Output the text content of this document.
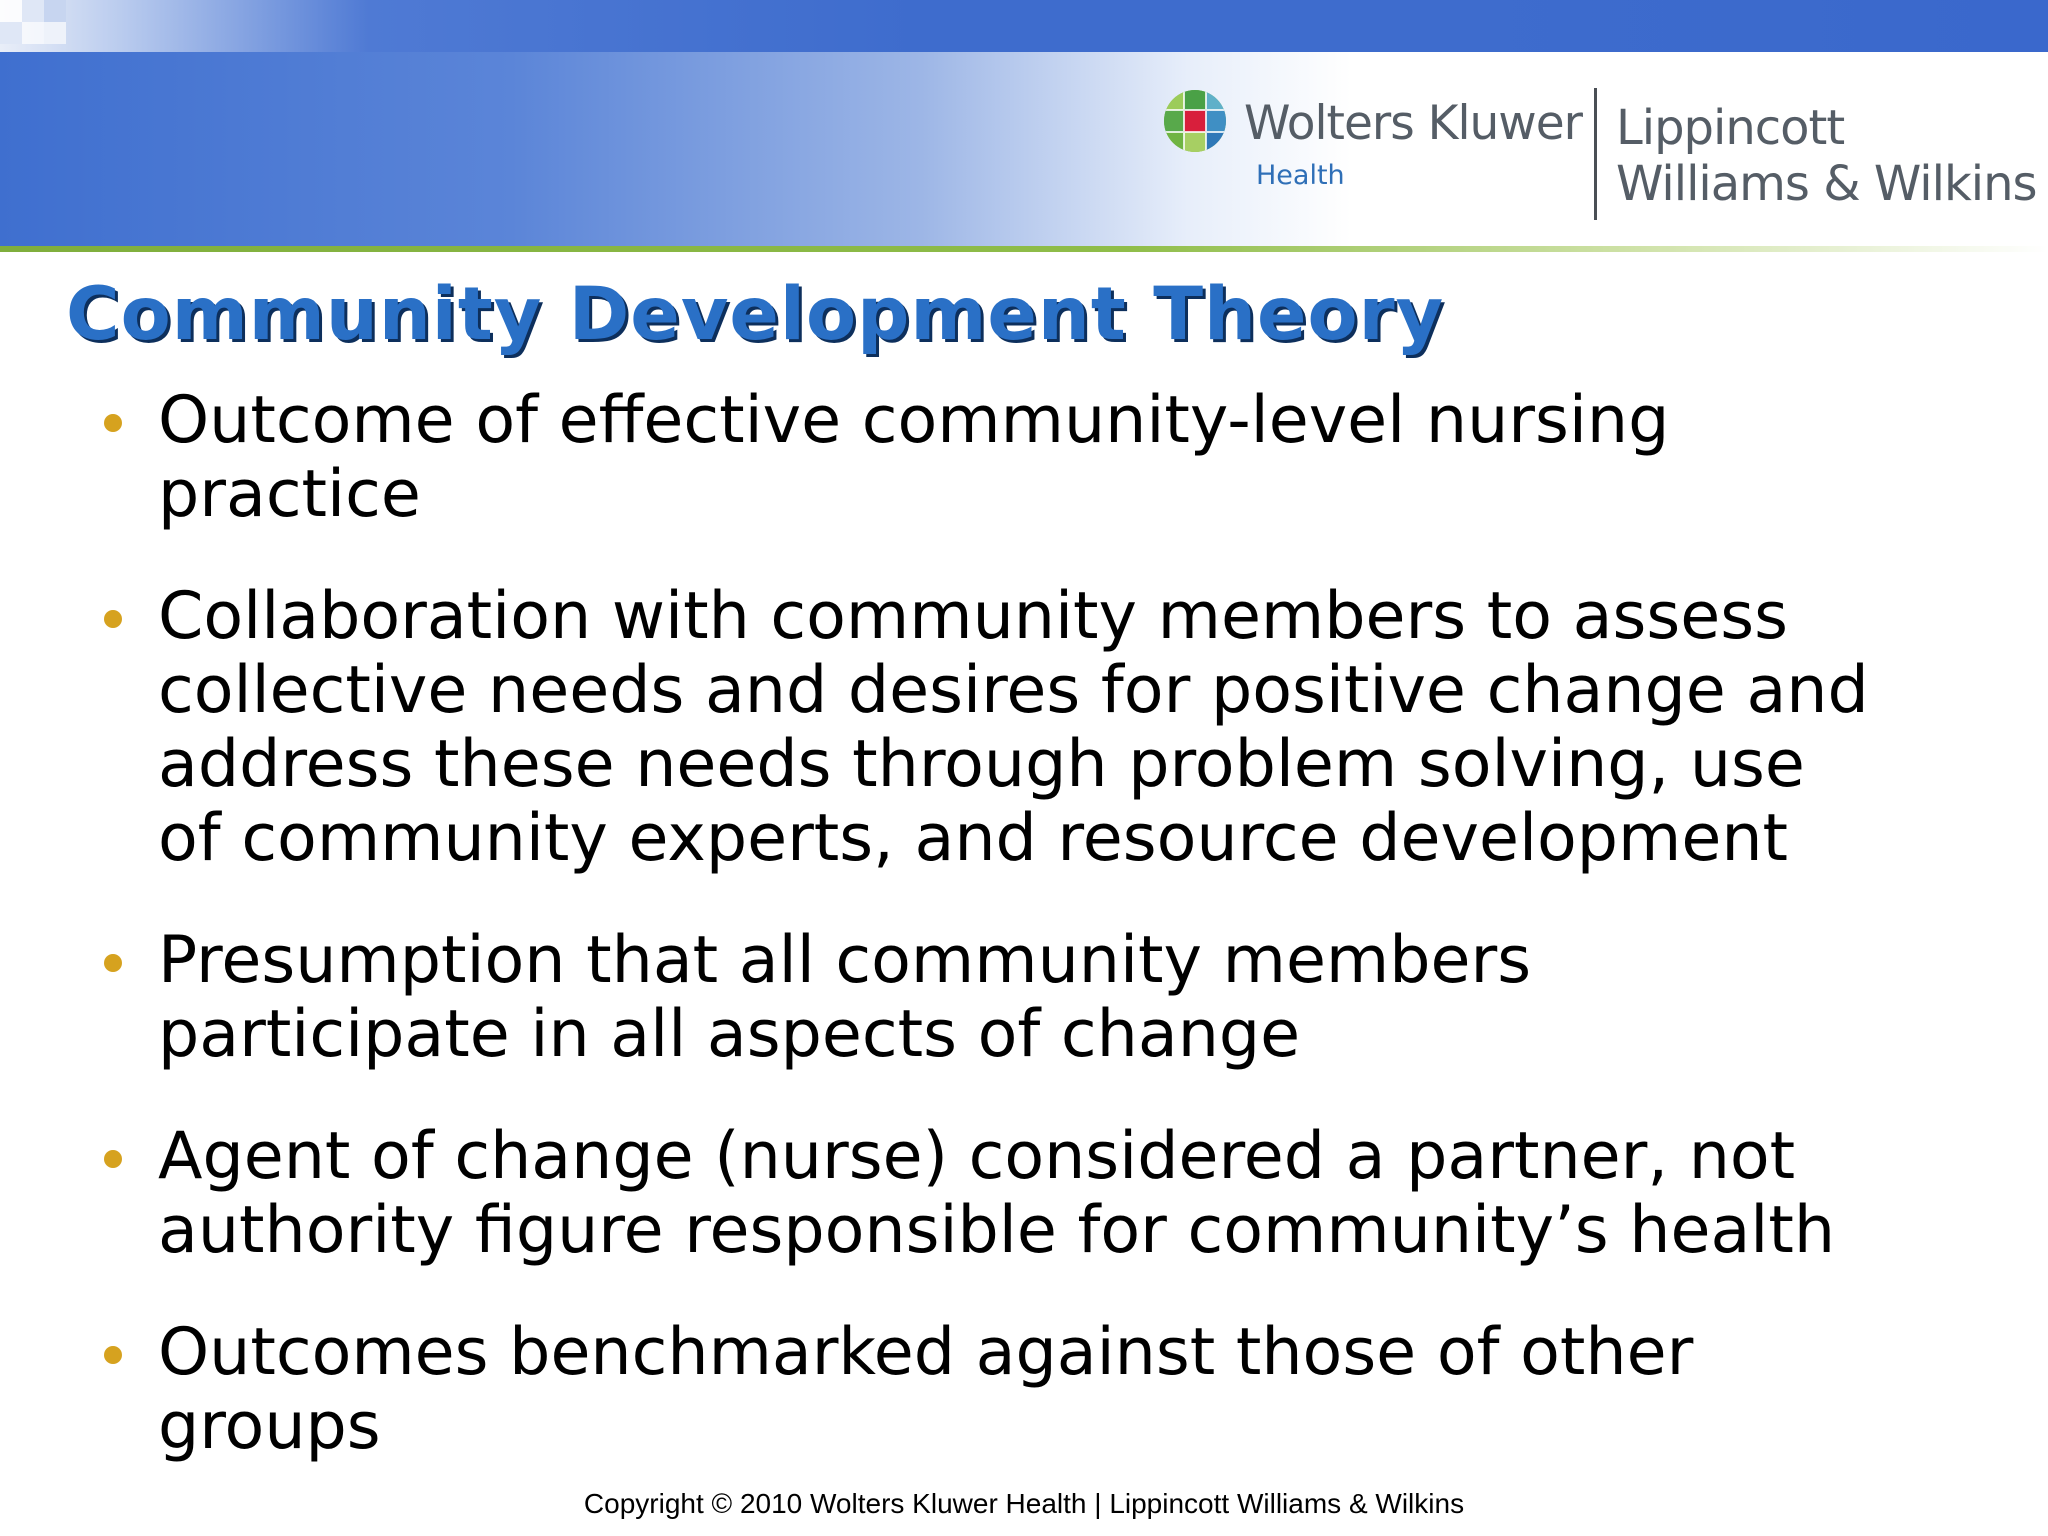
Wolters Kluwer
Health
Lippincott
Williams & Wilkins
Community Development Theory
Outcome of effective community-level nursing
practice
Collaboration with community members to assess
collective needs and desires for positive change and
address these needs through problem solving, use
of community experts, and resource development
Presumption that all community members
participate in all aspects of change
Agent of change (nurse) considered a partner, not
authority figure responsible for community’s health
Outcomes benchmarked against those of other
groups
Copyright © 2010 Wolters Kluwer Health | Lippincott Williams & Wilkins
